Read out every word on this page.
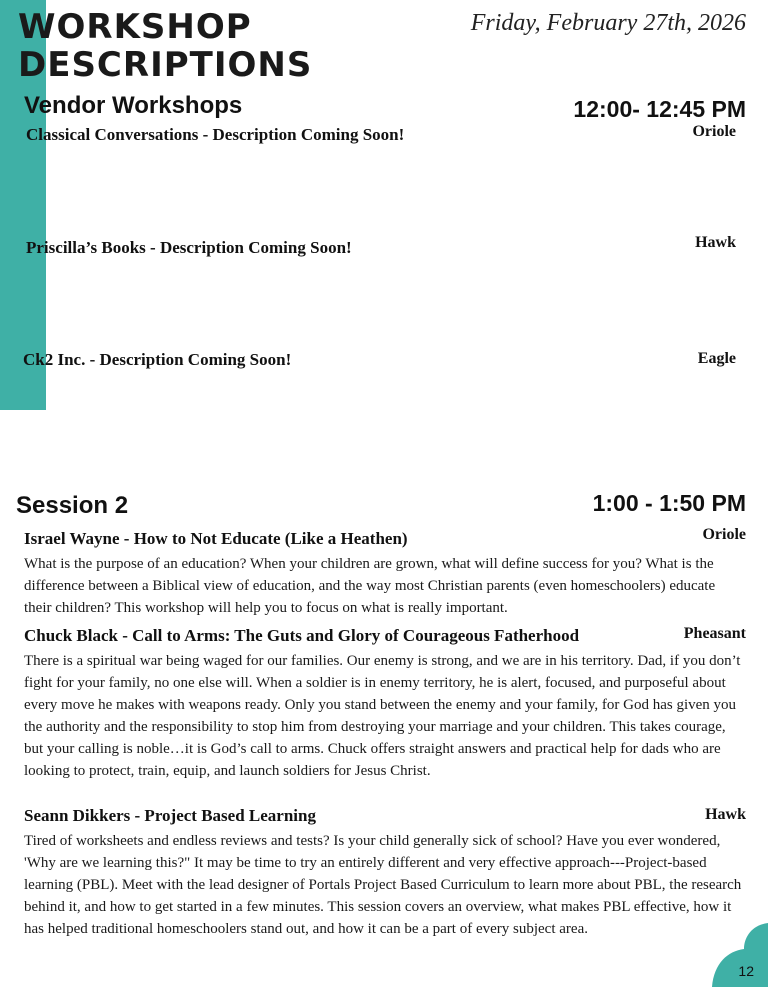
WORKSHOP
DESCRIPTIONS
Friday, February 27th, 2026
Vendor Workshops	12:00- 12:45 PM
Classical Conversations - Description Coming Soon!	Oriole
Priscilla’s Books - Description Coming Soon!	Hawk
Ck2 Inc. - Description Coming Soon!	Eagle
Session 2	1:00 - 1:50 PM
Israel Wayne - How to Not Educate (Like a Heathen)	Oriole

What is the purpose of an education? When your children are grown, what will define success for you? What is the difference between a Biblical view of education, and the way most Christian parents (even homeschoolers) educate their children? This workshop will help you to focus on what is really important.

Chuck Black - Call to Arms: The Guts and Glory of Courageous Fatherhood	Pheasant

There is a spiritual war being waged for our families. Our enemy is strong, and we are in his territory. Dad, if you don’t fight for your family, no one else will. When a soldier is in enemy territory, he is alert, focused, and purposeful about every move he makes with weapons ready. Only you stand between the enemy and your family, for God has given you the authority and the responsibility to stop him from destroying your marriage and your children. This takes courage, but your calling is noble…it is God’s call to arms. Chuck offers straight answers and practical help for dads who are looking to protect, train, equip, and launch soldiers for Jesus Christ.

Seann Dikkers - Project Based Learning	Hawk

Tired of worksheets and endless reviews and tests? Is your child generally sick of school? Have you ever wondered, 'Why are we learning this?" It may be time to try an entirely different and very effective approach---Project-based learning (PBL). Meet with the lead designer of Portals Project Based Curriculum to learn more about PBL, the research behind it, and how to get started in a few minutes. This session covers an overview, what makes PBL effective, how it has helped traditional homeschoolers stand out, and how it can be a part of every subject area.

12
